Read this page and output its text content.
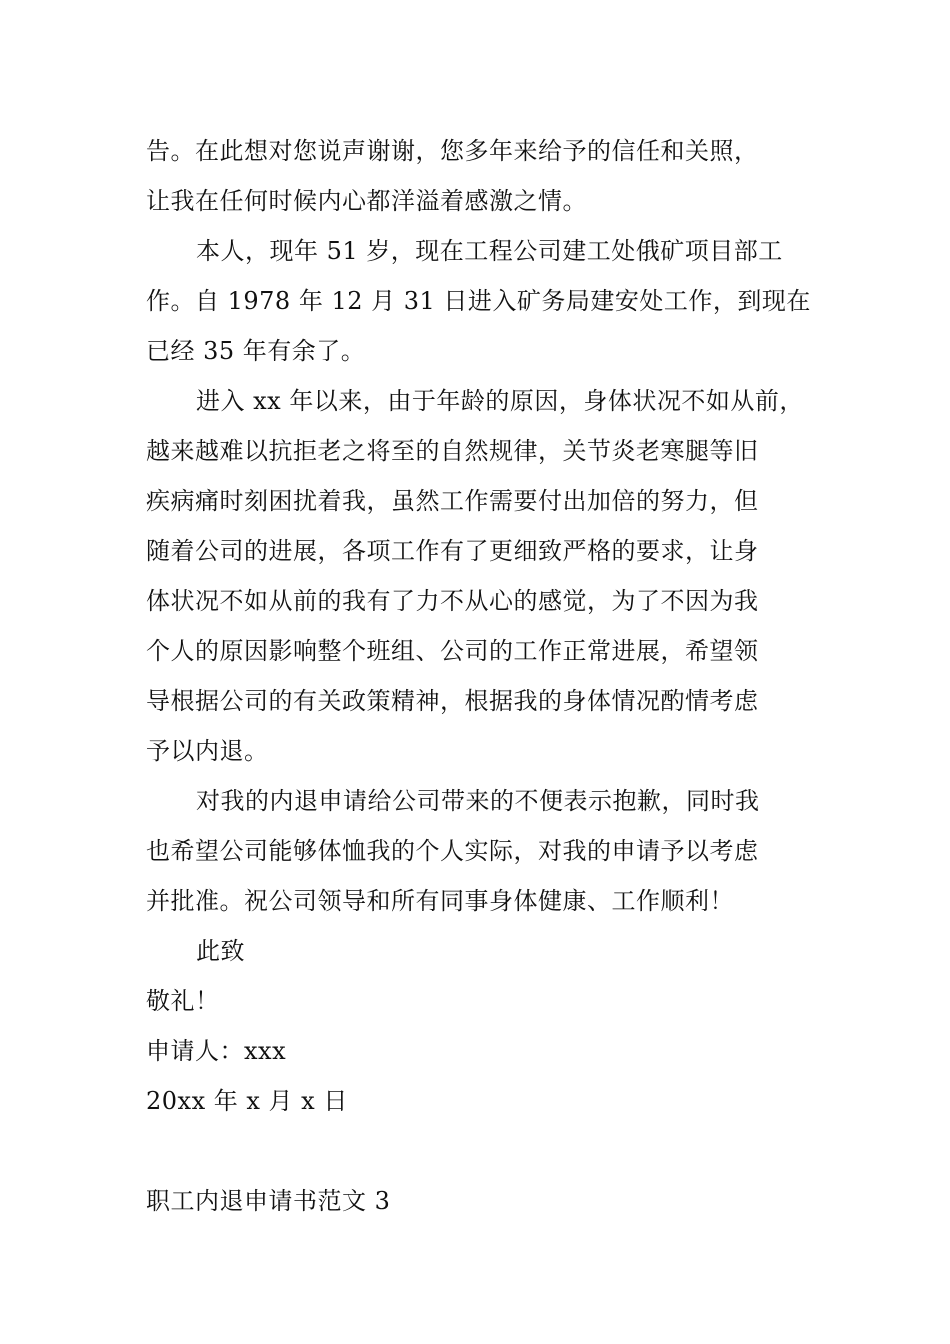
告。在此想对您说声谢谢，您多年来给予的信任和关照，
让我在任何时候内心都洋溢着感激之情。
本人，现年 51 岁，现在工程公司建工处俄矿项目部工
作。自 1978 年 12 月 31 日进入矿务局建安处工作，到现在
已经 35 年有余了。
进入 xx 年以来，由于年龄的原因，身体状况不如从前，
越来越难以抗拒老之将至的自然规律，关节炎老寒腿等旧
疾病痛时刻困扰着我，虽然工作需要付出加倍的努力，但
随着公司的进展，各项工作有了更细致严格的要求，让身
体状况不如从前的我有了力不从心的感觉，为了不因为我
个人的原因影响整个班组、公司的工作正常进展，希望领
导根据公司的有关政策精神，根据我的身体情况酌情考虑
予以内退。
对我的内退申请给公司带来的不便表示抱歉，同时我
也希望公司能够体恤我的个人实际，对我的申请予以考虑
并批准。祝公司领导和所有同事身体健康、工作顺利！
此致
敬礼！
申请人：xxx
20xx 年 x 月 x 日
职工内退申请书范文 3
